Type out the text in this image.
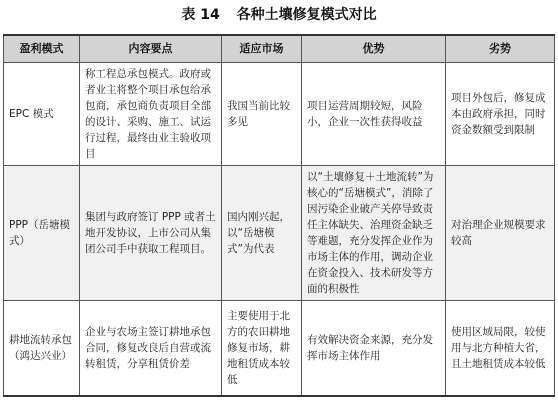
表 14 各种土壤修复模式对比
盈利模式	内容要点	适应市场	优势	劣势
EPC 模式	称工程总承包模式。政府或者业主将整个项目承包给承包商，承包商负责项目全部的设计、采购、施工、试运行过程，最终由业主验收项目	我国当前比较多见	项目运营周期较短，风险小，企业一次性获得收益	项目外包后，修复成本由政府承担，同时资金数额受到限制
PPP（岳塘模式）	集团与政府签订 PPP 或者土地开发协议，上市公司从集团公司手中获取工程项目。	国内刚兴起，以“岳塘模式”为代表	以“土壤修复＋土地流转”为核心的“岳塘模式”，消除了因污染企业破产关停导致责任主体缺失、治理资金缺乏等难题，充分发挥企业作为市场主体的作用，调动企业在资金投入、技术研发等方面的积极性	对治理企业规模要求较高
耕地流转承包（鸿达兴业）	企业与农场主签订耕地承包合同，修复改良后自营或流转租赁，分享租赁价差	主要使用于北方的农田耕地修复市场，耕地租赁成本较低	有效解决资金来源，充分发挥市场主体作用	使用区域局限，较使用与北方种植大省，且土地租赁成本较低
